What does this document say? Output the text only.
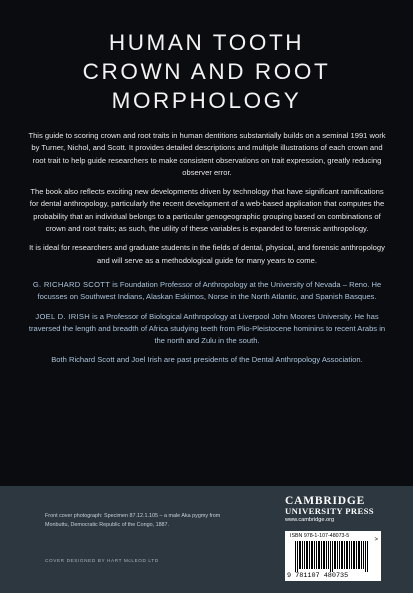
HUMAN TOOTH
CROWN AND ROOT
MORPHOLOGY

This guide to scoring crown and root traits in human dentitions substantially builds on a seminal 1991 work by Turner, Nichol, and Scott. It provides detailed descriptions and multiple illustrations of each crown and root trait to help guide researchers to make consistent observations on trait expression, greatly reducing observer error.

The book also reflects exciting new developments driven by technology that have significant ramifications for dental anthropology, particularly the recent development of a web-based application that computes the probability that an individual belongs to a particular genogeographic grouping based on combinations of crown and root traits; as such, the utility of these variables is expanded to forensic anthropology.

It is ideal for researchers and graduate students in the fields of dental, physical, and forensic anthropology and will serve as a methodological guide for many years to come.

G. RICHARD SCOTT is Foundation Professor of Anthropology at the University of Nevada – Reno. He focusses on Southwest Indians, Alaskan Eskimos, Norse in the North Atlantic, and Spanish Basques.

JOEL D. IRISH is a Professor of Biological Anthropology at Liverpool John Moores University. He has traversed the length and breadth of Africa studying teeth from Plio-Pleistocene hominins to recent Arabs in the north and Zulu in the south.

Both Richard Scott and Joel Irish are past presidents of the Dental Anthropology Association.

Front cover photograph: Specimen 87.12.1.105 – a male Aka pygmy from Monbuttu, Democratic Republic of the Congo, 1887.
COVER DESIGNED BY HART McLEOD LTD
CAMBRIDGE
UNIVERSITY PRESS
www.cambridge.org
ISBN 978-1-107-48073-5
>
9 781107 480735
